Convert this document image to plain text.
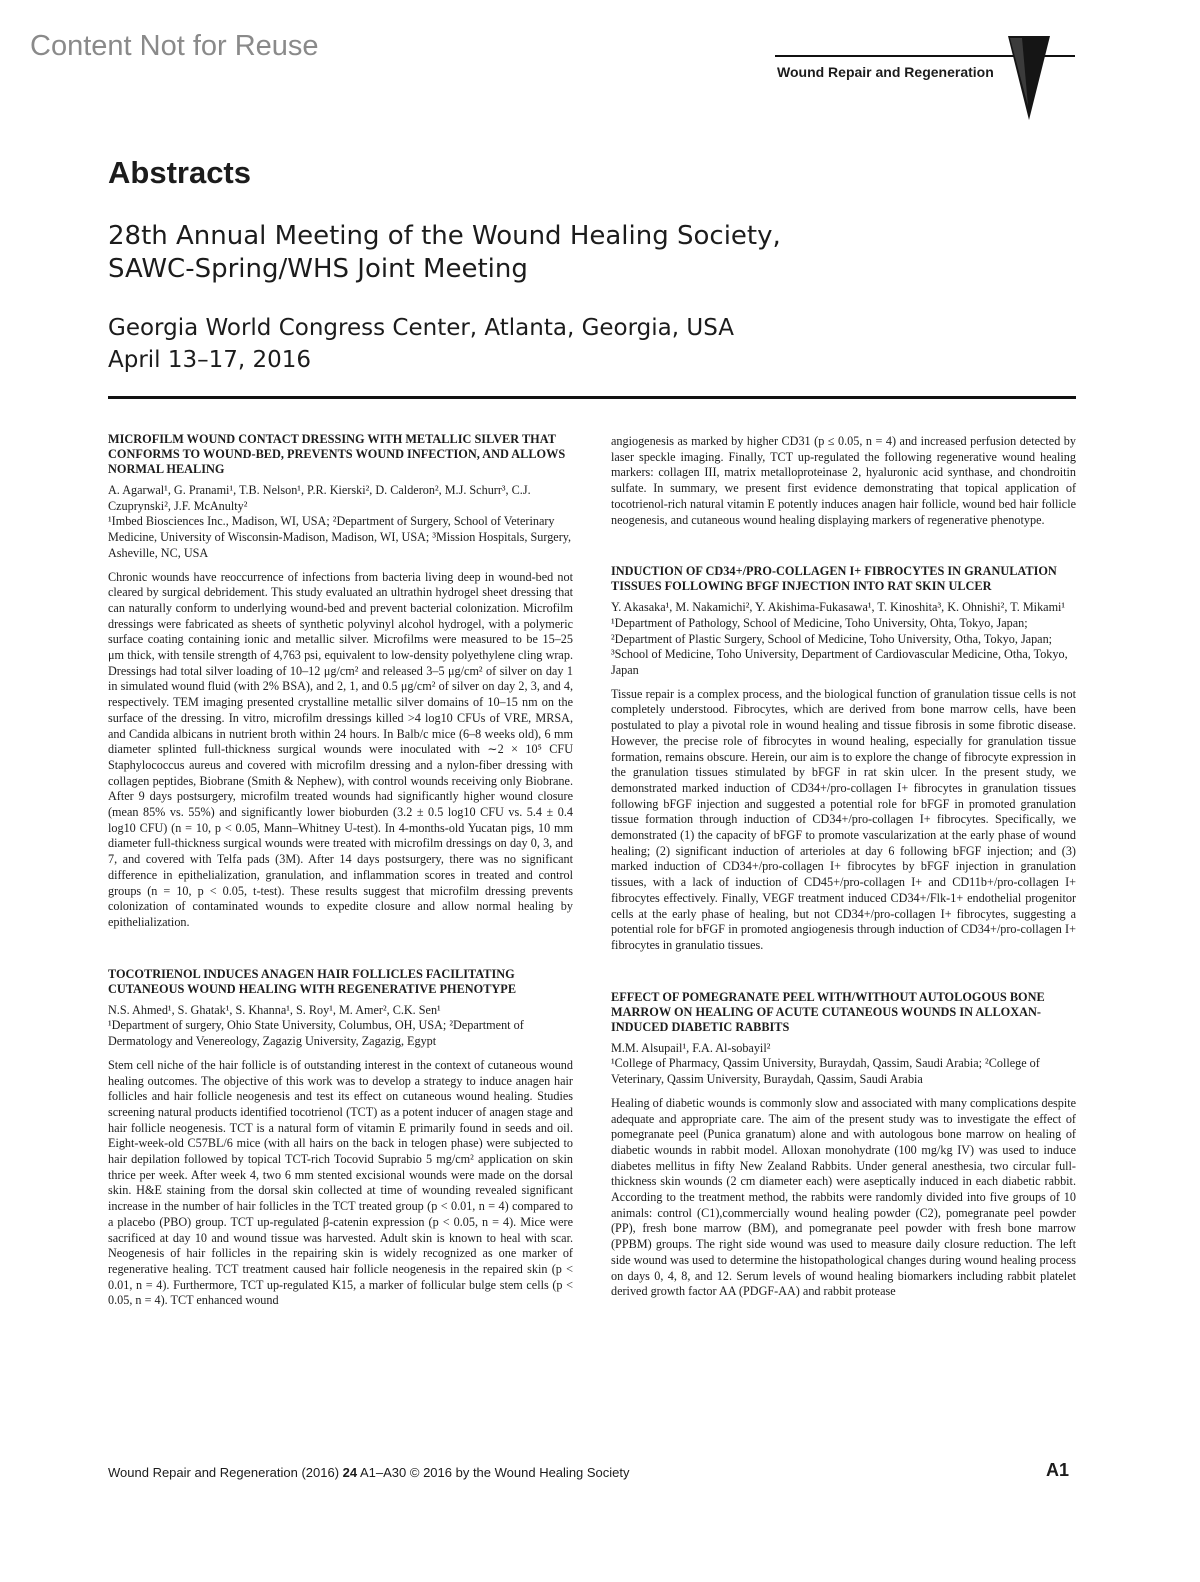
Content Not for Reuse
Wound Repair and Regeneration
Abstracts
28th Annual Meeting of the Wound Healing Society,
SAWC-Spring/WHS Joint Meeting
Georgia World Congress Center, Atlanta, Georgia, USA
April 13–17, 2016

MICROFILM WOUND CONTACT DRESSING WITH METALLIC SILVER THAT CONFORMS TO WOUND-BED, PREVENTS WOUND INFECTION, AND ALLOWS NORMAL HEALING

A. Agarwal¹, G. Pranami¹, T.B. Nelson¹, P.R. Kierski², D. Calderon², M.J. Schurr³, C.J. Czuprynski², J.F. McAnulty²

¹Imbed Biosciences Inc., Madison, WI, USA; ²Department of Surgery, School of Veterinary Medicine, University of Wisconsin-Madison, Madison, WI, USA; ³Mission Hospitals, Surgery, Asheville, NC, USA

Chronic wounds have reoccurrence of infections from bacteria living deep in wound-bed not cleared by surgical debridement. This study evaluated an ultrathin hydrogel sheet dressing that can naturally conform to underlying wound-bed and prevent bacterial colonization. Microfilm dressings were fabricated as sheets of synthetic polyvinyl alcohol hydrogel, with a polymeric surface coating containing ionic and metallic silver. Microfilms were measured to be 15–25 μm thick, with tensile strength of 4,763 psi, equivalent to low-density polyethylene cling wrap. Dressings had total silver loading of 10–12 μg/cm² and released 3–5 μg/cm² of silver on day 1 in simulated wound fluid (with 2% BSA), and 2, 1, and 0.5 μg/cm² of silver on day 2, 3, and 4, respectively. TEM imaging presented crystalline metallic silver domains of 10–15 nm on the surface of the dressing. In vitro, microfilm dressings killed >4 log10 CFUs of VRE, MRSA, and Candida albicans in nutrient broth within 24 hours. In Balb/c mice (6–8 weeks old), 6 mm diameter splinted full-thickness surgical wounds were inoculated with ∼2 × 10⁵ CFU Staphylococcus aureus and covered with microfilm dressing and a nylon-fiber dressing with collagen peptides, Biobrane (Smith & Nephew), with control wounds receiving only Biobrane. After 9 days postsurgery, microfilm treated wounds had significantly higher wound closure (mean 85% vs. 55%) and significantly lower bioburden (3.2 ± 0.5 log10 CFU vs. 5.4 ± 0.4 log10 CFU) (n = 10, p < 0.05, Mann–Whitney U-test). In 4-months-old Yucatan pigs, 10 mm diameter full-thickness surgical wounds were treated with microfilm dressings on day 0, 3, and 7, and covered with Telfa pads (3M). After 14 days postsurgery, there was no significant difference in epithelialization, granulation, and inflammation scores in treated and control groups (n = 10, p < 0.05, t-test). These results suggest that microfilm dressing prevents colonization of contaminated wounds to expedite closure and allow normal healing by epithelialization.

TOCOTRIENOL INDUCES ANAGEN HAIR FOLLICLES FACILITATING CUTANEOUS WOUND HEALING WITH REGENERATIVE PHENOTYPE

N.S. Ahmed¹, S. Ghatak¹, S. Khanna¹, S. Roy¹, M. Amer², C.K. Sen¹

¹Department of surgery, Ohio State University, Columbus, OH, USA; ²Department of Dermatology and Venereology, Zagazig University, Zagazig, Egypt

Stem cell niche of the hair follicle is of outstanding interest in the context of cutaneous wound healing outcomes. The objective of this work was to develop a strategy to induce anagen hair follicles and hair follicle neogenesis and test its effect on cutaneous wound healing. Studies screening natural products identified tocotrienol (TCT) as a potent inducer of anagen stage and hair follicle neogenesis. TCT is a natural form of vitamin E primarily found in seeds and oil. Eight-week-old C57BL/6 mice (with all hairs on the back in telogen phase) were subjected to hair depilation followed by topical TCT-rich Tocovid Suprabio 5 mg/cm² application on skin thrice per week. After week 4, two 6 mm stented excisional wounds were made on the dorsal skin. H&E staining from the dorsal skin collected at time of wounding revealed significant increase in the number of hair follicles in the TCT treated group (p < 0.01, n = 4) compared to a placebo (PBO) group. TCT up-regulated β-catenin expression (p < 0.05, n = 4). Mice were sacrificed at day 10 and wound tissue was harvested. Adult skin is known to heal with scar. Neogenesis of hair follicles in the repairing skin is widely recognized as one marker of regenerative healing. TCT treatment caused hair follicle neogenesis in the repaired skin (p < 0.01, n = 4). Furthermore, TCT up-regulated K15, a marker of follicular bulge stem cells (p < 0.05, n = 4). TCT enhanced wound

angiogenesis as marked by higher CD31 (p ≤ 0.05, n = 4) and increased perfusion detected by laser speckle imaging. Finally, TCT up-regulated the following regenerative wound healing markers: collagen III, matrix metalloproteinase 2, hyaluronic acid synthase, and chondroitin sulfate. In summary, we present first evidence demonstrating that topical application of tocotrienol-rich natural vitamin E potently induces anagen hair follicle, wound bed hair follicle neogenesis, and cutaneous wound healing displaying markers of regenerative phenotype.

INDUCTION OF CD34+/PRO-COLLAGEN I+ FIBROCYTES IN GRANULATION TISSUES FOLLOWING BFGF INJECTION INTO RAT SKIN ULCER

Y. Akasaka¹, M. Nakamichi², Y. Akishima-Fukasawa¹, T. Kinoshita³, K. Ohnishi², T. Mikami¹

¹Department of Pathology, School of Medicine, Toho University, Ohta, Tokyo, Japan; ²Department of Plastic Surgery, School of Medicine, Toho University, Otha, Tokyo, Japan; ³School of Medicine, Toho University, Department of Cardiovascular Medicine, Otha, Tokyo, Japan

Tissue repair is a complex process, and the biological function of granulation tissue cells is not completely understood. Fibrocytes, which are derived from bone marrow cells, have been postulated to play a pivotal role in wound healing and tissue fibrosis in some fibrotic disease. However, the precise role of fibrocytes in wound healing, especially for granulation tissue formation, remains obscure. Herein, our aim is to explore the change of fibrocyte expression in the granulation tissues stimulated by bFGF in rat skin ulcer. In the present study, we demonstrated marked induction of CD34+/pro-collagen I+ fibrocytes in granulation tissues following bFGF injection and suggested a potential role for bFGF in promoted granulation tissue formation through induction of CD34+/pro-collagen I+ fibrocytes. Specifically, we demonstrated (1) the capacity of bFGF to promote vascularization at the early phase of wound healing; (2) significant induction of arterioles at day 6 following bFGF injection; and (3) marked induction of CD34+/pro-collagen I+ fibrocytes by bFGF injection in granulation tissues, with a lack of induction of CD45+/pro-collagen I+ and CD11b+/pro-collagen I+ fibrocytes effectively. Finally, VEGF treatment induced CD34+/Flk-1+ endothelial progenitor cells at the early phase of healing, but not CD34+/pro-collagen I+ fibrocytes, suggesting a potential role for bFGF in promoted angiogenesis through induction of CD34+/pro-collagen I+ fibrocytes in granulatio tissues.

EFFECT OF POMEGRANATE PEEL WITH/WITHOUT AUTOLOGOUS BONE MARROW ON HEALING OF ACUTE CUTANEOUS WOUNDS IN ALLOXAN-INDUCED DIABETIC RABBITS

M.M. Alsupail¹, F.A. Al-sobayil²

¹College of Pharmacy, Qassim University, Buraydah, Qassim, Saudi Arabia; ²College of Veterinary, Qassim University, Buraydah, Qassim, Saudi Arabia

Healing of diabetic wounds is commonly slow and associated with many complications despite adequate and appropriate care. The aim of the present study was to investigate the effect of pomegranate peel (Punica granatum) alone and with autologous bone marrow on healing of diabetic wounds in rabbit model. Alloxan monohydrate (100 mg/kg IV) was used to induce diabetes mellitus in fifty New Zealand Rabbits. Under general anesthesia, two circular full-thickness skin wounds (2 cm diameter each) were aseptically induced in each diabetic rabbit. According to the treatment method, the rabbits were randomly divided into five groups of 10 animals: control (C1),commercially wound healing powder (C2), pomegranate peel powder (PP), fresh bone marrow (BM), and pomegranate peel powder with fresh bone marrow (PPBM) groups. The right side wound was used to measure daily closure reduction. The left side wound was used to determine the histopathological changes during wound healing process on days 0, 4, 8, and 12. Serum levels of wound healing biomarkers including rabbit platelet derived growth factor AA (PDGF-AA) and rabbit protease

Wound Repair and Regeneration (2016) 24 A1–A30 © 2016 by the Wound Healing Society	A1
